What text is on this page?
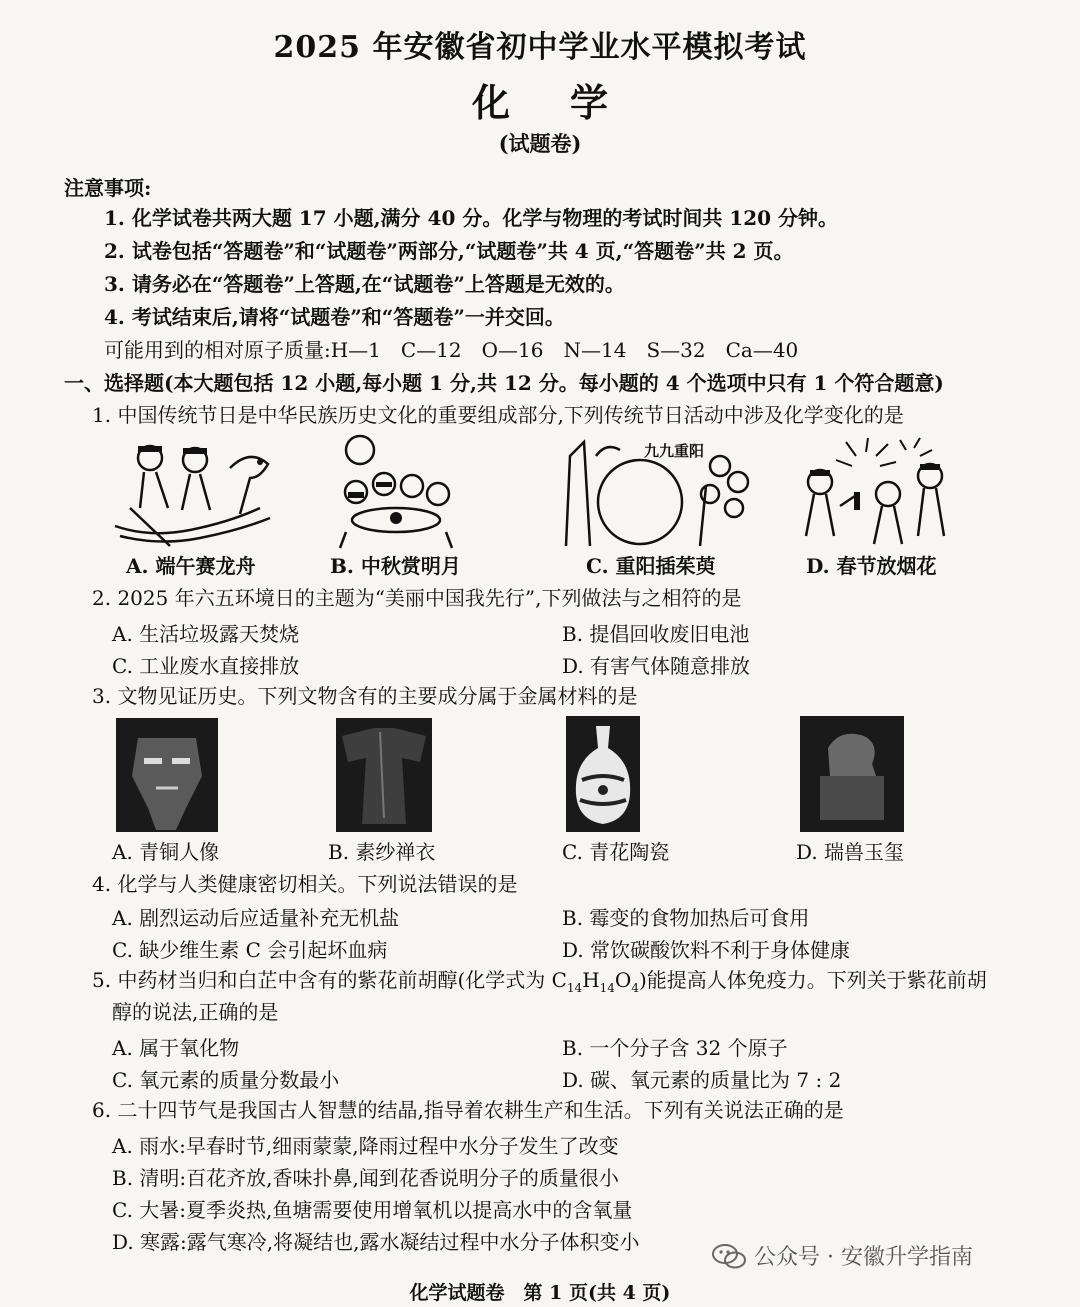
2025 年安徽省初中学业水平模拟考试
化学
(试题卷)
注意事项:
1. 化学试卷共两大题 17 小题,满分 40 分。化学与物理的考试时间共 120 分钟。
2. 试卷包括“答题卷”和“试题卷”两部分,“试题卷”共 4 页,“答题卷”共 2 页。
3. 请务必在“答题卷”上答题,在“试题卷”上答题是无效的。
4. 考试结束后,请将“试题卷”和“答题卷”一并交回。
可能用到的相对原子质量:H—1　C—12　O—16　N—14　S—32　Ca—40
一、选择题(本大题包括 12 小题,每小题 1 分,共 12 分。每小题的 4 个选项中只有 1 个符合题意)
1. 中国传统节日是中华民族历史文化的重要组成部分,下列传统节日活动中涉及化学变化的是
九九重阳
A. 端午赛龙舟	B. 中秋赏明月	C. 重阳插茱萸	D. 春节放烟花
2. 2025 年六五环境日的主题为“美丽中国我先行”,下列做法与之相符的是
A. 生活垃圾露天焚烧	B. 提倡回收废旧电池
C. 工业废水直接排放	D. 有害气体随意排放
3. 文物见证历史。下列文物含有的主要成分属于金属材料的是
A. 青铜人像	B. 素纱禅衣	C. 青花陶瓷	D. 瑞兽玉玺
4. 化学与人类健康密切相关。下列说法错误的是
A. 剧烈运动后应适量补充无机盐	B. 霉变的食物加热后可食用
C. 缺少维生素 C 会引起坏血病	D. 常饮碳酸饮料不利于身体健康
5. 中药材当归和白芷中含有的紫花前胡醇(化学式为 $C_{14}H_{14}O_4$)能提高人体免疫力。下列关于紫花前胡
醇的说法,正确的是
A. 属于氧化物	B. 一个分子含 32 个原子
C. 氧元素的质量分数最小	D. 碳、氧元素的质量比为 7 : 2
6. 二十四节气是我国古人智慧的结晶,指导着农耕生产和生活。下列有关说法正确的是
A. 雨水:早春时节,细雨蒙蒙,降雨过程中水分子发生了改变
B. 清明:百花齐放,香味扑鼻,闻到花香说明分子的质量很小
C. 大暑:夏季炎热,鱼塘需要使用增氧机以提高水中的含氧量
D. 寒露:露气寒冷,将凝结也,露水凝结过程中水分子体积变小
公众号 · 安徽升学指南
化学试题卷　第 1 页(共 4 页)
